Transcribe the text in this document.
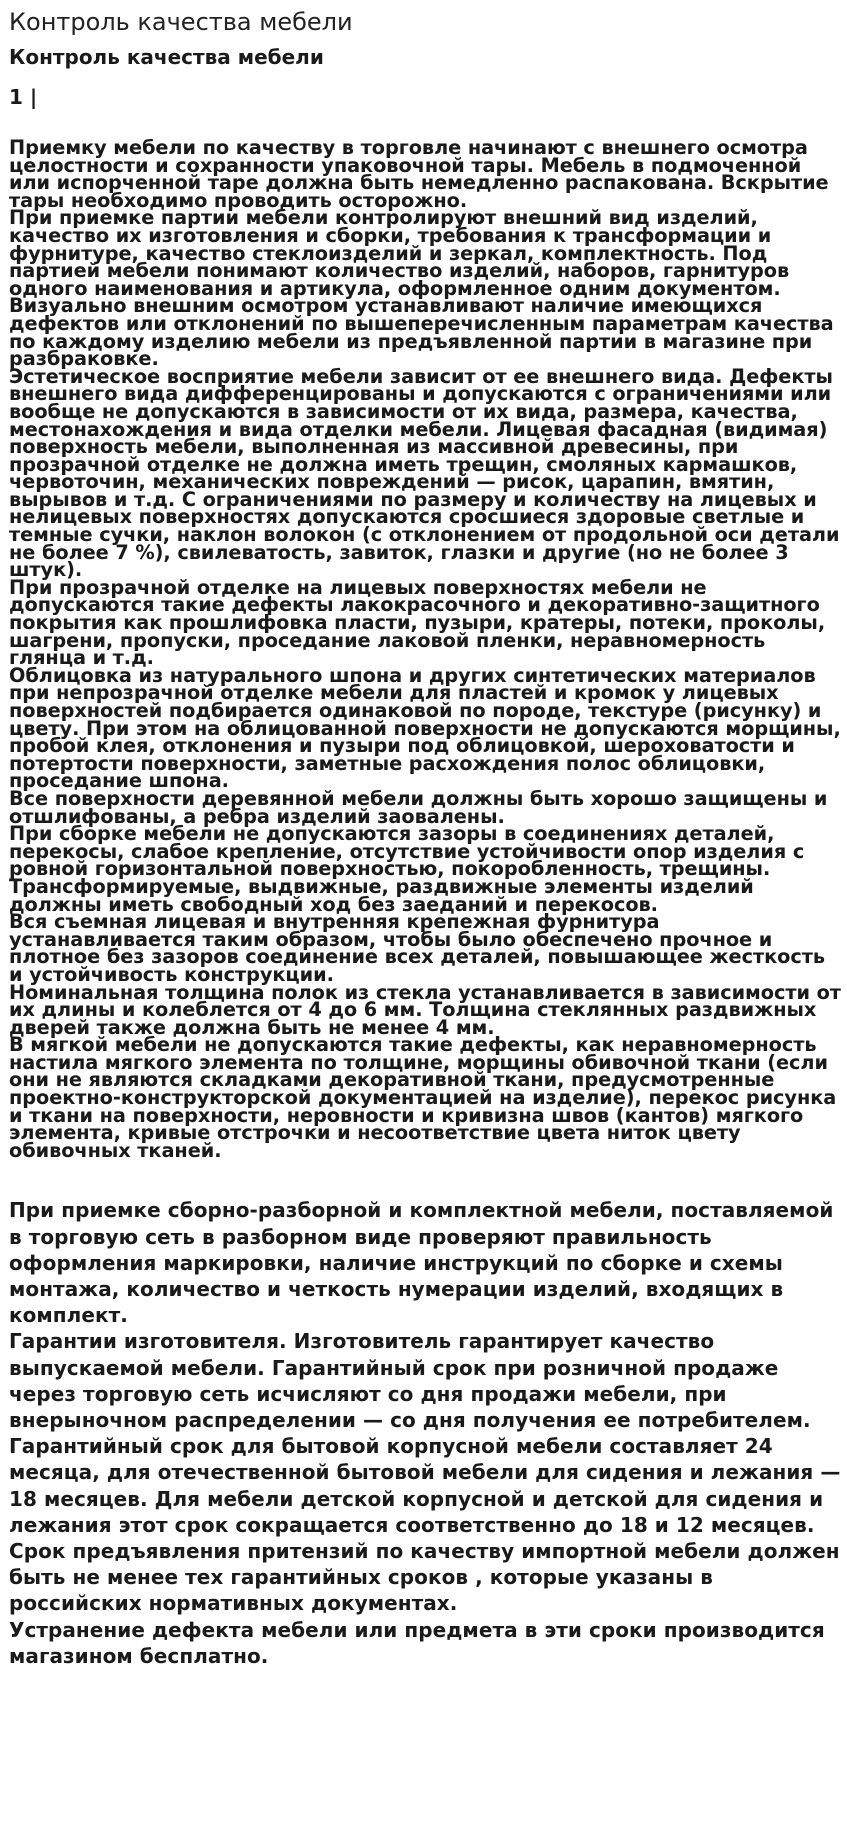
Контроль качества мебели
Контроль качества мебели
1 |

Приемку мебели по качеству в торговле начинают с внешнего осмотра целостности и сохранности упаковочной тары. Мебель в подмоченной или испорченной таре должна быть немедленно распакована. Вскрытие тары необходимо проводить осторожно.

При приемке партии мебели контролируют внешний вид изделий, качество их изготовления и сборки, требования к трансформации и фурнитуре, качество стеклоизделий и зеркал, комплектность. Под партией мебели понимают количество изделий, наборов, гарнитуров одного наименования и артикула, оформленное одним документом. Визуально внешним осмотром устанавливают наличие имеющихся дефектов или отклонений по вышеперечисленным параметрам качества по каждому изделию мебели из предъявленной партии в магазине при разбраковке.

Эстетическое восприятие мебели зависит от ее внешнего вида. Дефекты внешнего вида дифференцированы и допускаются с ограничениями или вообще не допускаются в зависимости от их вида, размера, качества, местонахождения и вида отделки мебели. Лицевая фасадная (видимая) поверхность мебели, выполненная из массивной древесины, при прозрачной отделке не должна иметь трещин, смоляных кармашков, червоточин, механических повреждений — рисок, царапин, вмятин, вырывов и т.д. С ограничениями по размеру и количеству на лицевых и нелицевых поверхностях допускаются сросшиеся здоровые светлые и темные сучки, наклон волокон (с отклонением от продольной оси детали не более 7 %), свилеватость, завиток, глазки и другие (но не более 3 штук).

При прозрачной отделке на лицевых поверхностях мебели не допускаются такие дефекты лакокрасочного и декоративно-защитного покрытия как прошлифовка пласти, пузыри, кратеры, потеки, проколы, шагрени, пропуски, проседание лаковой пленки, неравномерность глянца и т.д.

Облицовка из натурального шпона и других синтетических материалов при непрозрачной отделке мебели для пластей и кромок у лицевых поверхностей подбирается одинаковой по породе, текстуре (рисунку) и цвету. При этом на облицованной поверхности не допускаются морщины, пробой клея, отклонения и пузыри под облицовкой, шероховатости и потертости поверхности, заметные расхождения полос облицовки, проседание шпона.

Все поверхности деревянной мебели должны быть хорошо защищены и отшлифованы, а ребра изделий заовалены.

При сборке мебели не допускаются зазоры в соединениях деталей, перекосы, слабое крепление, отсутствие устойчивости опор изделия с ровной горизонтальной поверхностью, покоробленность, трещины. Трансформируемые, выдвижные, раздвижные элементы изделий должны иметь свободный ход без заеданий и перекосов.

Вся съемная лицевая и внутренняя крепежная фурнитура устанавливается таким образом, чтобы было обеспечено прочное и плотное без зазоров соединение всех деталей, повышающее жесткость и устойчивость конструкции.

Номинальная толщина полок из стекла устанавливается в зависимости от их длины и колеблется от 4 до 6 мм. Толщина стеклянных раздвижных дверей также должна быть не менее 4 мм.

В мягкой мебели не допускаются такие дефекты, как неравномерность настила мягкого элемента по толщине, морщины обивочной ткани (если они не являются складками декоративной ткани, предусмотренные проектно-конструкторской документацией на изделие), перекос рисунка и ткани на поверхности, неровности и кривизна швов (кантов) мягкого элемента, кривые отстрочки и несоответствие цвета ниток цвету обивочных тканей.

При приемке сборно-разборной и комплектной мебели, поставляемой в торговую сеть в разборном виде проверяют правильность оформления маркировки, наличие инструкций по сборке и схемы монтажа, количество и четкость нумерации изделий, входящих в комплект.

Гарантии изготовителя. Изготовитель гарантирует качество выпускаемой мебели. Гарантийный срок при розничной продаже через торговую сеть исчисляют со дня продажи мебели, при внерыночном распределении — со дня получения ее потребителем. Гарантийный срок для бытовой корпусной мебели составляет 24 месяца, для отечественной бытовой мебели для сидения и лежания — 18 месяцев. Для мебели детской корпусной и детской для сидения и лежания этот срок сокращается соответственно до 18 и 12 месяцев.

Срок предъявления притензий по качеству импортной мебели должен быть не менее тех гарантийных сроков , которые указаны в российских нормативных документах.

Устранение дефекта мебели или предмета в эти сроки производится магазином бесплатно.
